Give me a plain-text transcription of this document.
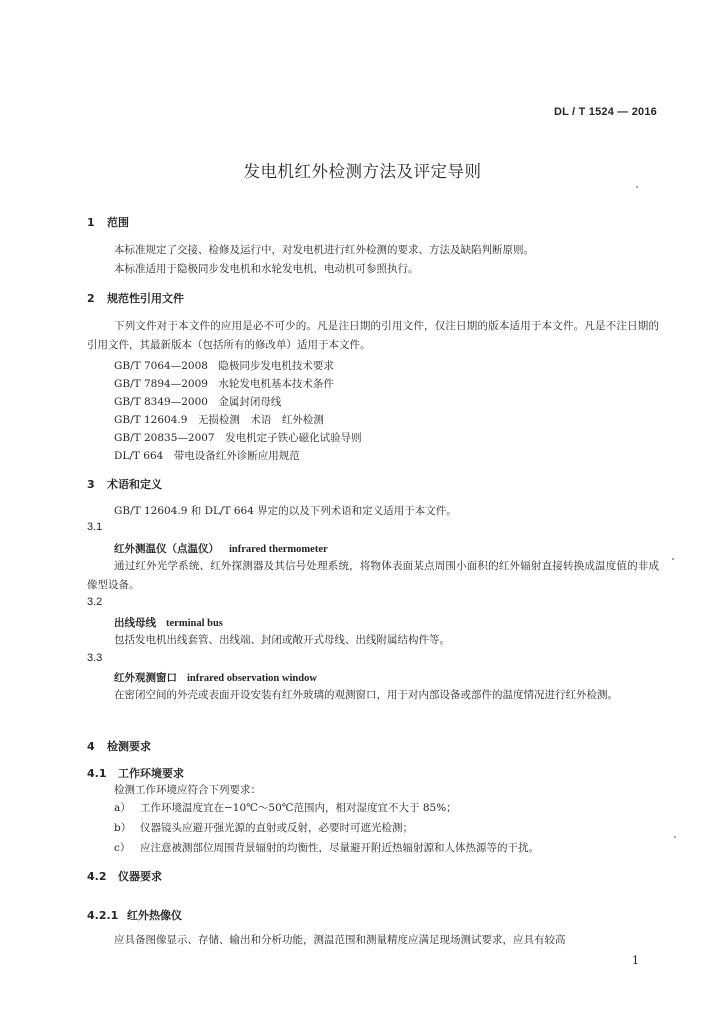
DL / T 1524 — 2016
发电机红外检测方法及评定导则
1 范围
本标准规定了交接、检修及运行中，对发电机进行红外检测的要求、方法及缺陷判断原则。
本标准适用于隐极同步发电机和水轮发电机，电动机可参照执行。
2 规范性引用文件
下列文件对于本文件的应用是必不可少的。凡是注日期的引用文件，仅注日期的版本适用于本文件。凡是不注日期的引用文件，其最新版本（包括所有的修改单）适用于本文件。
GB/T 7064—2008　隐极同步发电机技术要求
GB/T 7894—2009　水轮发电机基本技术条件
GB/T 8349—2000　金属封闭母线
GB/T 12604.9　无损检测　术语　红外检测
GB/T 20835—2007　发电机定子铁心磁化试验导则
DL/T 664　带电设备红外诊断应用规范
3 术语和定义
GB/T 12604.9 和 DL/T 664 界定的以及下列术语和定义适用于本文件。
3.1
红外测温仪（点温仪） infrared thermometer
通过红外光学系统、红外探测器及其信号处理系统，将物体表面某点周围小面积的红外辐射直接转换成温度值的非成像型设备。
3.2
出线母线 terminal bus
包括发电机出线套管、出线端、封闭或敞开式母线、出线附属结构件等。
3.3
红外观测窗口 infrared observation window
在密闭空间的外壳或表面开设安装有红外玻璃的观测窗口，用于对内部设备或部件的温度情况进行红外检测。
4 检测要求
4.1 工作环境要求
检测工作环境应符合下列要求：
a） 工作环境温度宜在−10℃～50℃范围内，相对湿度宜不大于 85%；
b） 仪器镜头应避开强光源的直射或反射，必要时可遮光检测；
c） 应注意被测部位周围背景辐射的均衡性，尽量避开附近热辐射源和人体热源等的干扰。
4.2 仪器要求
4.2.1 红外热像仪
应具备图像显示、存储、输出和分析功能，测温范围和测量精度应满足现场测试要求，应具有较高
1
